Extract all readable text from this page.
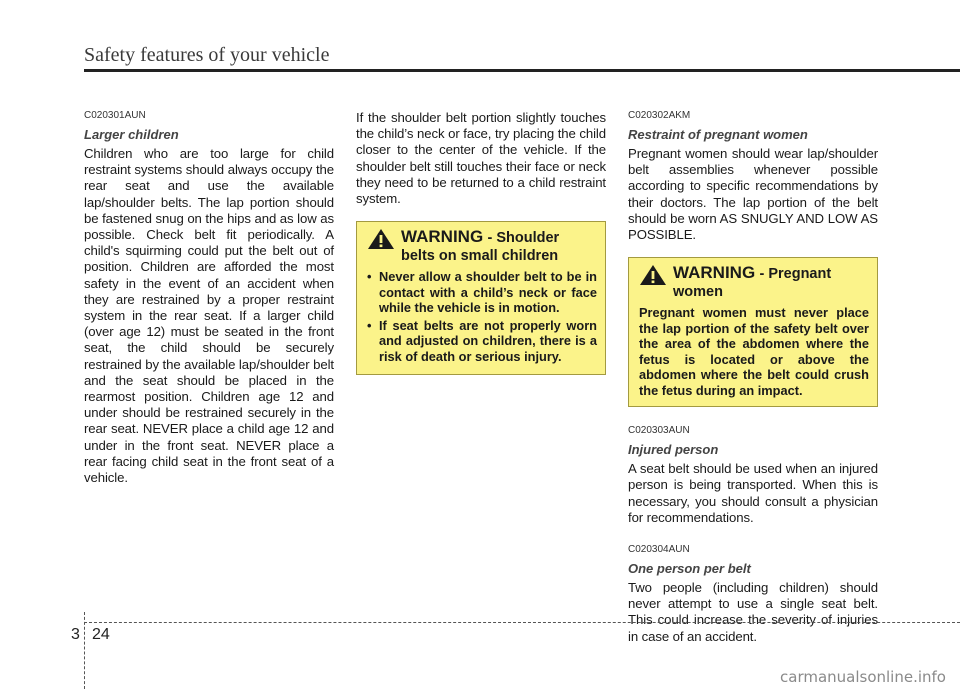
Safety features of your vehicle

C020301AUN

Larger children

Children who are too large for child restraint systems should always occupy the rear seat and use the available lap/shoulder belts. The lap portion should be fastened snug on the hips and as low as possible. Check belt fit periodically. A child's squirming could put the belt out of position. Children are afforded the most safety in the event of an accident when they are restrained by a proper restraint system in the rear seat. If a larger child (over age 12) must be seated in the front seat, the child should be securely restrained by the available lap/shoulder belt and the seat should be placed in the rearmost position. Children age 12 and under should be restrained securely in the rear seat. NEVER place a child age 12 and under in the front seat. NEVER place a rear facing child seat in the front seat of a vehicle.

If the shoulder belt portion slightly touches the child’s neck or face, try placing the child closer to the center of the vehicle. If the shoulder belt still touches their face or neck they need to be returned to a child restraint system.

WARNING - Shoulder belts on small children
• Never allow a shoulder belt to be in contact with a child’s neck or face while the vehicle is in motion.
• If seat belts are not properly worn and adjusted on children, there is a risk of death or serious injury.

C020302AKM

Restraint of pregnant women

Pregnant women should wear lap/shoulder belt assemblies whenever possible according to specific recommendations by their doctors. The lap portion of the belt should be worn AS SNUGLY AND LOW AS POSSIBLE.

WARNING - Pregnant women

Pregnant women must never place the lap portion of the safety belt over the area of the abdomen where the fetus is located or above the abdomen where the belt could crush the fetus during an impact.

C020303AUN

Injured person

A seat belt should be used when an injured person is being transported. When this is necessary, you should consult a physician for recommendations.

C020304AUN

One person per belt

Two people (including children) should never attempt to use a single seat belt. This could increase the severity of injuries in case of an accident.

3 24
carmanualsonline.info
